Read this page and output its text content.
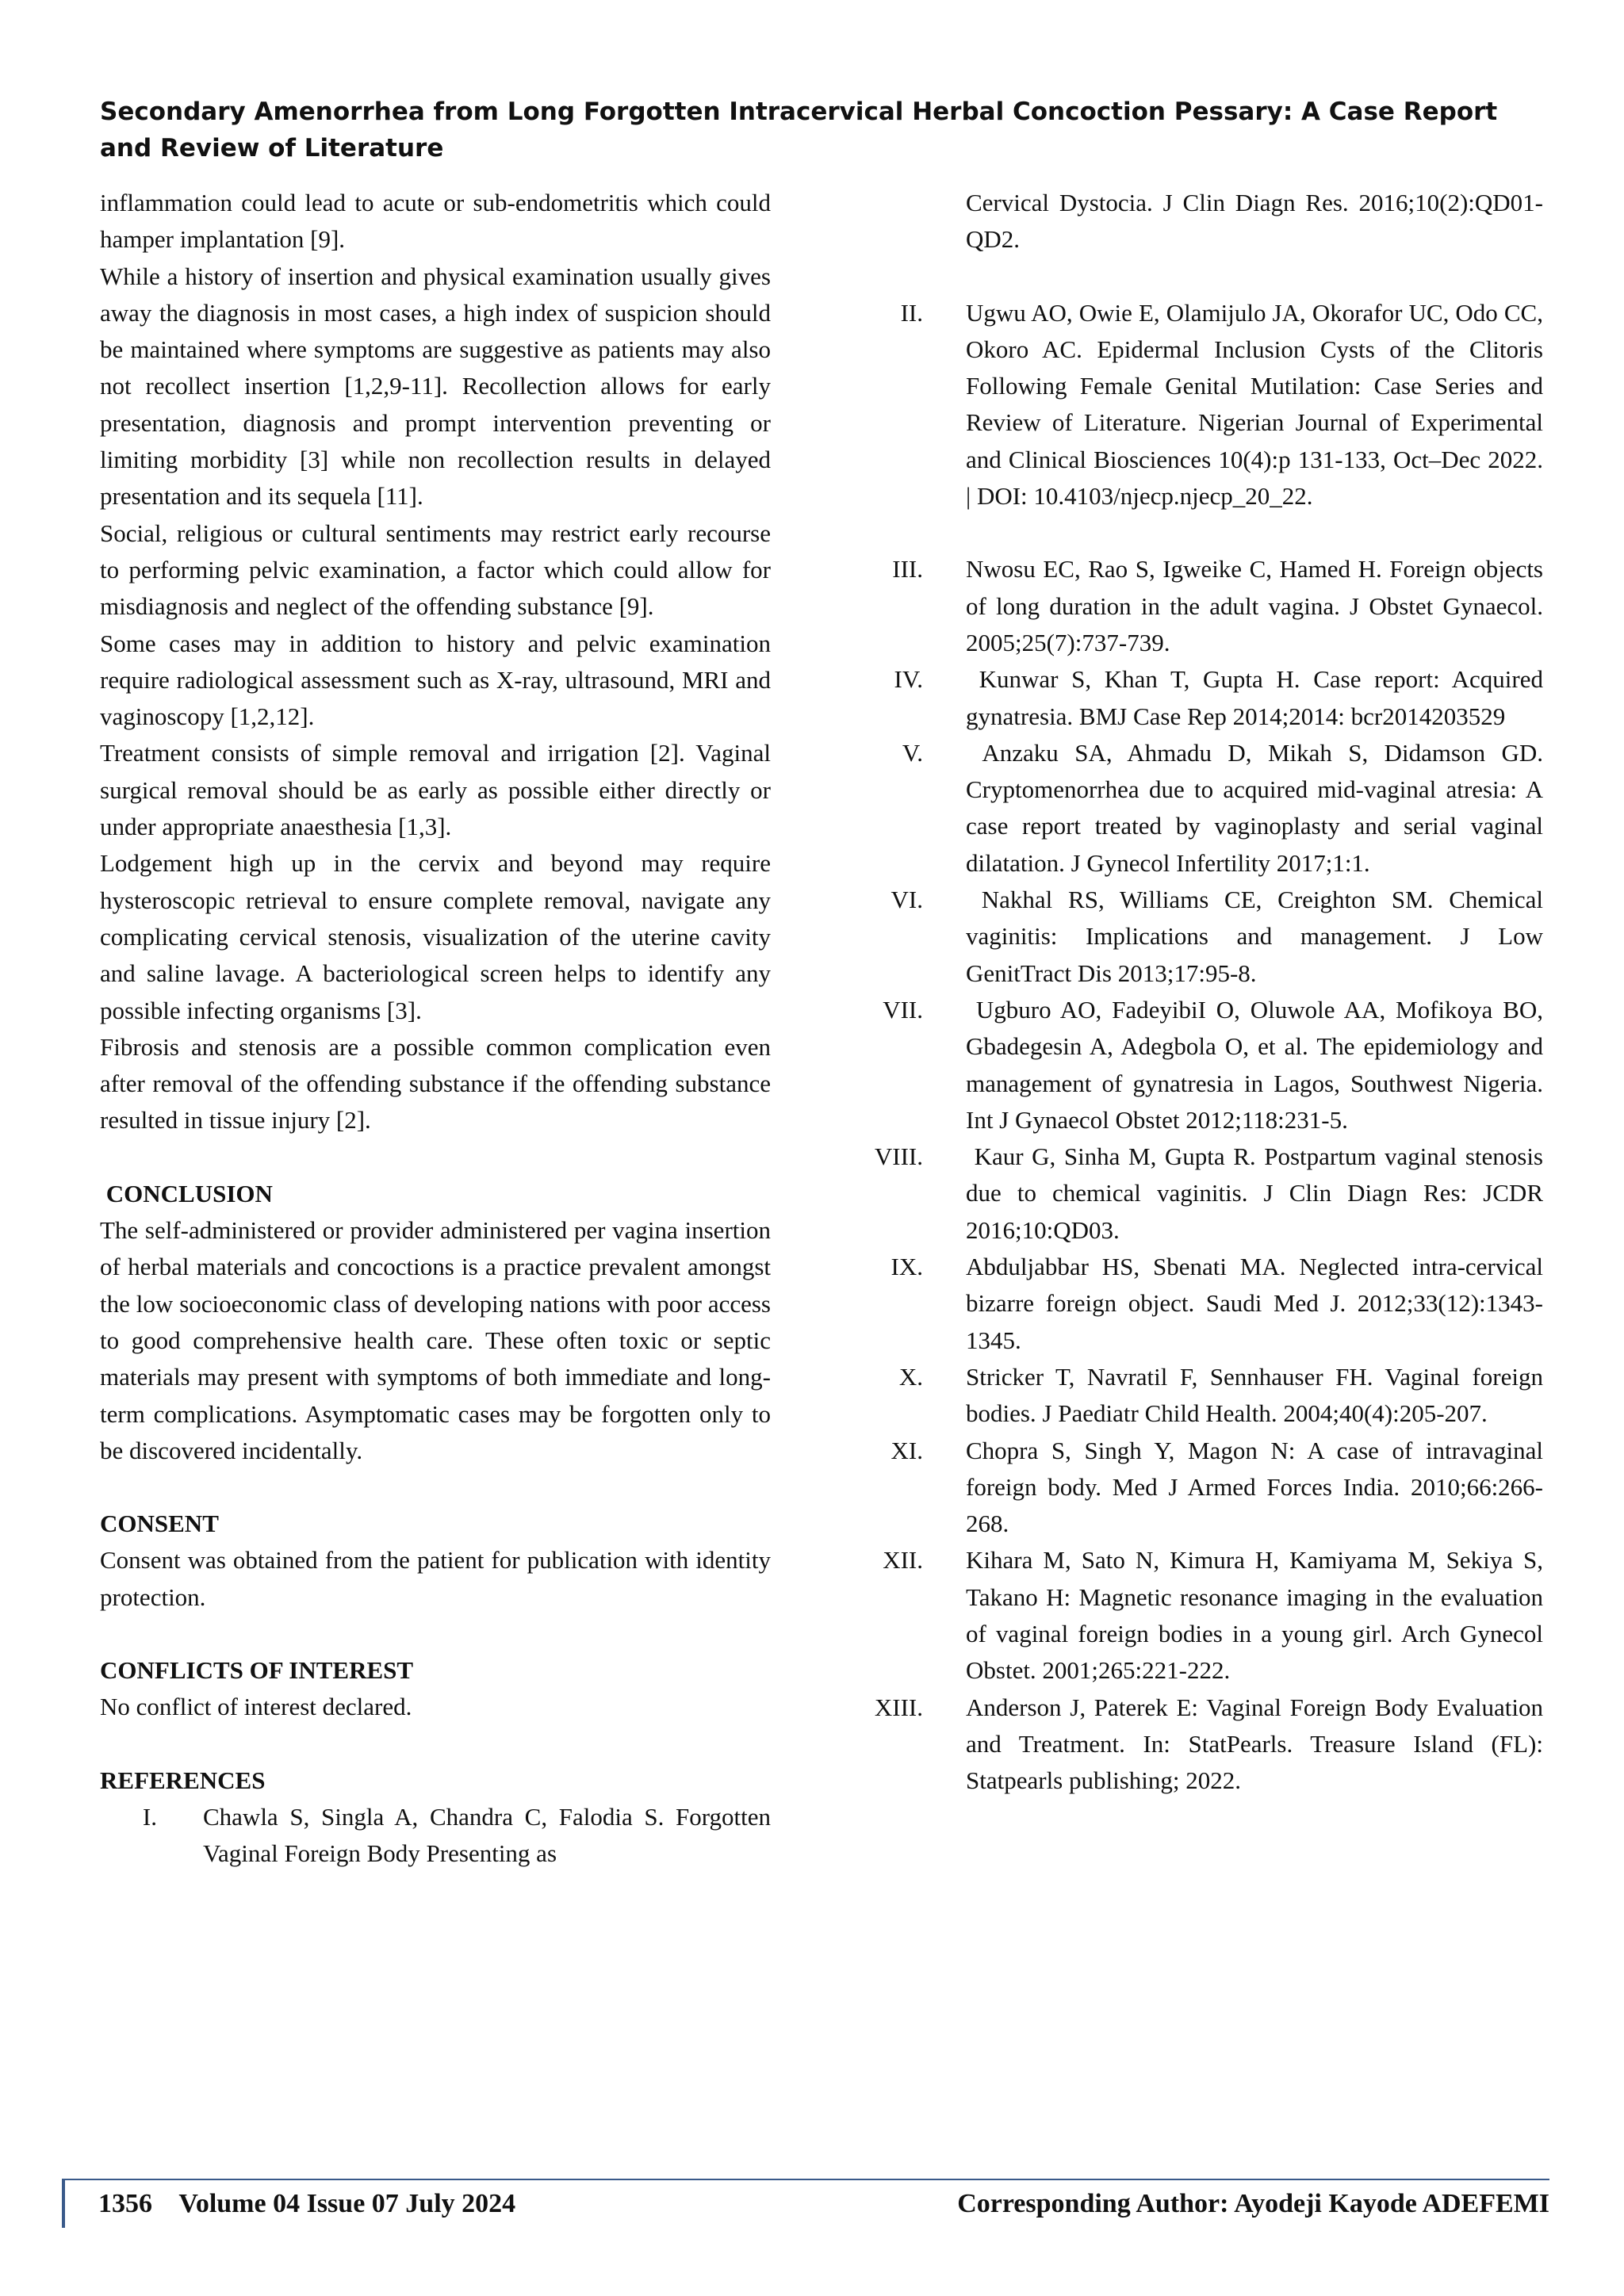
Secondary Amenorrhea from Long Forgotten Intracervical Herbal Concoction Pessary: A Case Report and Review of Literature

inflammation could lead to acute or sub-endometritis which could hamper implantation [9].

While a history of insertion and physical examination usually gives away the diagnosis in most cases, a high index of suspicion should be maintained where symptoms are suggestive as patients may also not recollect insertion [1,2,9-11]. Recollection allows for early presentation, diagnosis and prompt intervention preventing or limiting morbidity [3] while non recollection results in delayed presentation and its sequela [11].

Social, religious or cultural sentiments may restrict early recourse to performing pelvic examination, a factor which could allow for misdiagnosis and neglect of the offending substance [9].

Some cases may in addition to history and pelvic examination require radiological assessment such as X-ray, ultrasound, MRI and vaginoscopy [1,2,12].

Treatment consists of simple removal and irrigation [2]. Vaginal surgical removal should be as early as possible either directly or under appropriate anaesthesia [1,3].

Lodgement high up in the cervix and beyond may require hysteroscopic retrieval to ensure complete removal, navigate any complicating cervical stenosis, visualization of the uterine cavity and saline lavage. A bacteriological screen helps to identify any possible infecting organisms [3].

Fibrosis and stenosis are a possible common complication even after removal of the offending substance if the offending substance resulted in tissue injury [2].

CONCLUSION

The self-administered or provider administered per vagina insertion of herbal materials and concoctions is a practice prevalent amongst the low socioeconomic class of developing nations with poor access to good comprehensive health care. These often toxic or septic materials may present with symptoms of both immediate and long-term complications. Asymptomatic cases may be forgotten only to be discovered incidentally.

CONSENT

Consent was obtained from the patient for publication with identity protection.

CONFLICTS OF INTEREST

No conflict of interest declared.

REFERENCES

I. Chawla S, Singla A, Chandra C, Falodia S. Forgotten Vaginal Foreign Body Presenting as
Cervical Dystocia. J Clin Diagn Res. 2016;10(2):QD01-QD2.
II. Ugwu AO, Owie E, Olamijulo JA, Okorafor UC, Odo CC, Okoro AC. Epidermal Inclusion Cysts of the Clitoris Following Female Genital Mutilation: Case Series and Review of Literature. Nigerian Journal of Experimental and Clinical Biosciences 10(4):p 131-133, Oct–Dec 2022. | DOI: 10.4103/njecp.njecp_20_22.
III. Nwosu EC, Rao S, Igweike C, Hamed H. Foreign objects of long duration in the adult vagina. J Obstet Gynaecol. 2005;25(7):737-739.
IV. Kunwar S, Khan T, Gupta H. Case report: Acquired gynatresia. BMJ Case Rep 2014;2014: bcr2014203529
V. Anzaku SA, Ahmadu D, Mikah S, Didamson GD. Cryptomenorrhea due to acquired mid-vaginal atresia: A case report treated by vaginoplasty and serial vaginal dilatation. J Gynecol Infertility 2017;1:1.
VI. Nakhal RS, Williams CE, Creighton SM. Chemical vaginitis: Implications and management. J Low GenitTract Dis 2013;17:95-8.
VII. Ugburo AO, FadeyibiI O, Oluwole AA, Mofikoya BO, Gbadegesin A, Adegbola O, et al. The epidemiology and management of gynatresia in Lagos, Southwest Nigeria. Int J Gynaecol Obstet 2012;118:231-5.
VIII. Kaur G, Sinha M, Gupta R. Postpartum vaginal stenosis due to chemical vaginitis. J Clin Diagn Res: JCDR 2016;10:QD03.
IX. Abduljabbar HS, Sbenati MA. Neglected intra-cervical bizarre foreign object. Saudi Med J. 2012;33(12):1343-1345.
X. Stricker T, Navratil F, Sennhauser FH. Vaginal foreign bodies. J Paediatr Child Health. 2004;40(4):205-207.
XI. Chopra S, Singh Y, Magon N: A case of intravaginal foreign body. Med J Armed Forces India. 2010;66:266-268.
XII. Kihara M, Sato N, Kimura H, Kamiyama M, Sekiya S, Takano H: Magnetic resonance imaging in the evaluation of vaginal foreign bodies in a young girl. Arch Gynecol Obstet. 2001;265:221-222.
XIII. Anderson J, Paterek E: Vaginal Foreign Body Evaluation and Treatment. In: StatPearls. Treasure Island (FL): Statpearls publishing; 2022.
1356    Volume 04 Issue 07 July 2024	Corresponding Author: Ayodeji Kayode ADEFEMI
